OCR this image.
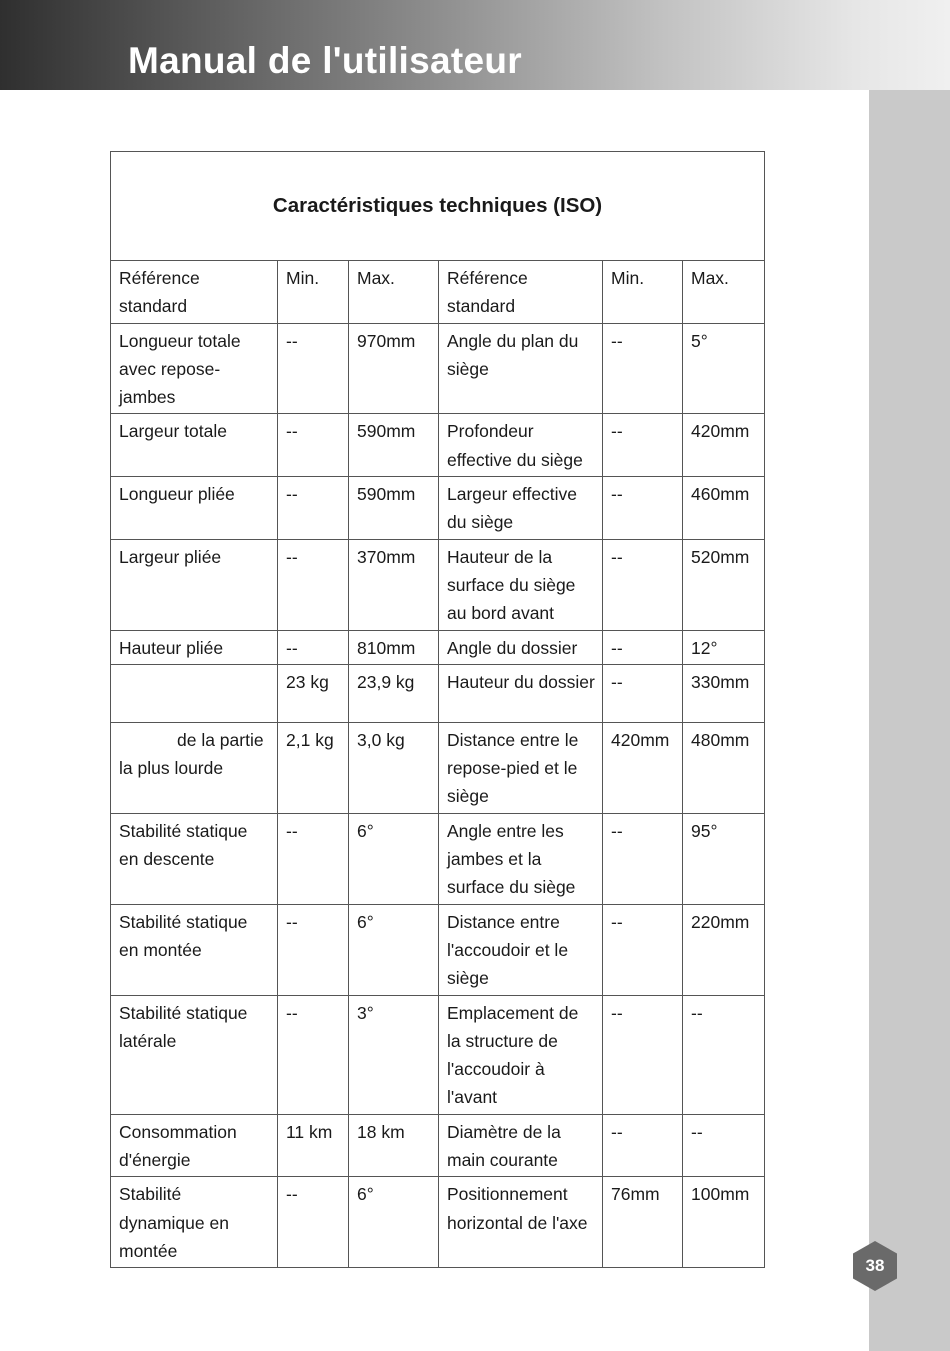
Manual de l'utilisateur
38
Caractéristiques techniques (ISO)					
Référence standard	Min.	Max.	Référence standard	Min.	Max.
Longueur totale avec repose-jambes	--	970mm	Angle du plan du siège	--	5°
Largeur totale	--	590mm	Profondeur effective du siège	--	420mm
Longueur pliée	--	590mm	Largeur effective du siège	--	460mm
Largeur pliée	--	370mm	Hauteur de la surface du siège au bord avant	--	520mm
Hauteur pliée	--	810mm	Angle du dossier	--	12°
	23 kg	23,9 kg	Hauteur du dossier	--	330mm
de la partie la plus lourde	2,1 kg	3,0 kg	Distance entre le repose-pied et le siège	420mm	480mm
Stabilité statique en descente	--	6°	Angle entre les jambes et la surface du siège	--	95°
Stabilité statique en montée	--	6°	Distance entre l'accoudoir et le siège	--	220mm
Stabilité statique latérale	--	3°	Emplacement de la structure de l'accoudoir à l'avant	--	--
Consommation d'énergie	11 km	18 km	Diamètre de la main courante	--	--
Stabilité dynamique en montée	--	6°	Positionnement horizontal de l'axe	76mm	100mm
